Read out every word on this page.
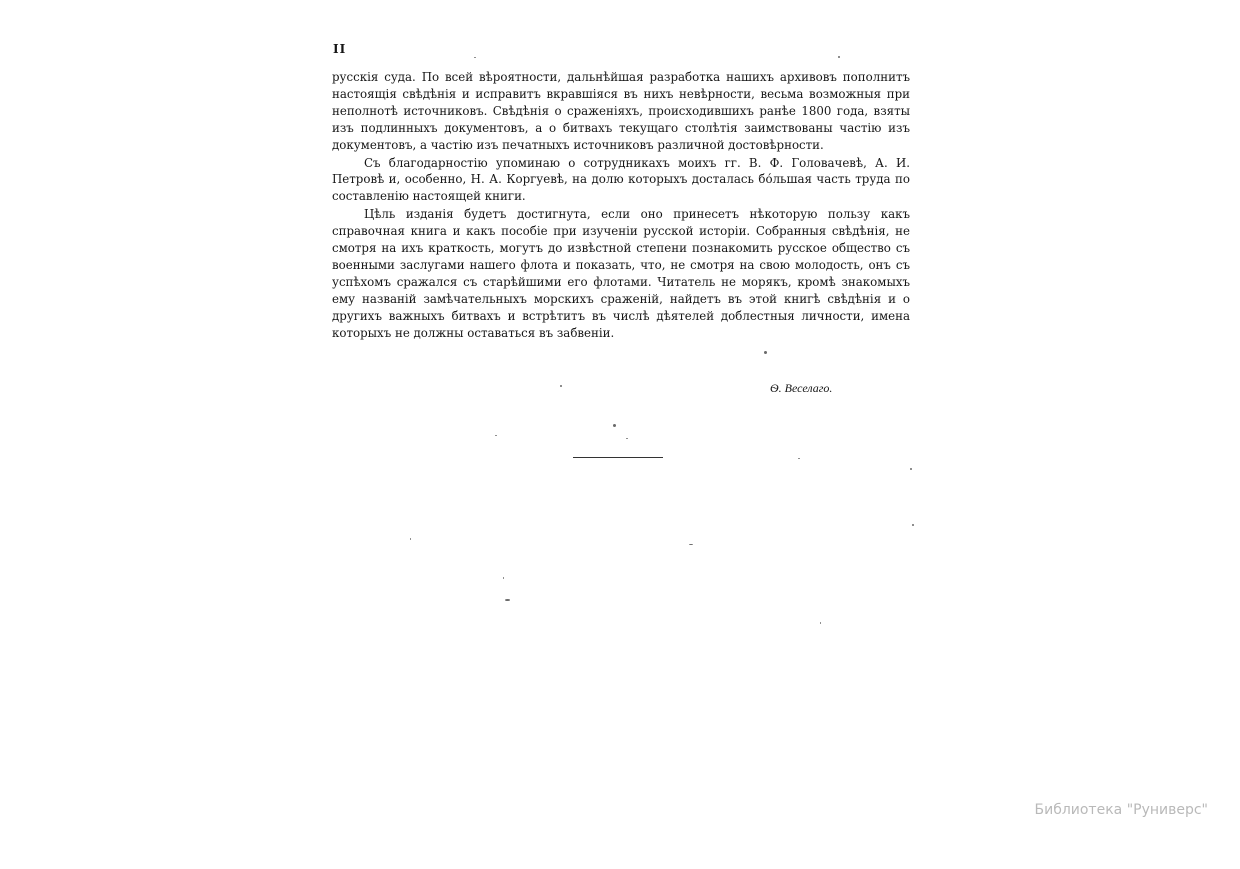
II

русскія суда. По всей вѣроятности, дальнѣйшая разработка нашихъ архивовъ пополнитъ настоящія свѣдѣнія и исправитъ вкравшіяся въ нихъ невѣрности, весьма возможныя при неполнотѣ источниковъ. Свѣдѣнія о сраженіяхъ, происходившихъ ранѣе 1800 года, взяты изъ подлинныхъ документовъ, а о битвахъ текущаго столѣтія заимствованы частію изъ документовъ, а частію изъ печатныхъ источниковъ различной достовѣрности.

Съ благодарностію упоминаю о сотрудникахъ моихъ гг. В. Ф. Головачевѣ, А. И. Петровѣ и, особенно, Н. А. Коргуевѣ, на долю которыхъ досталась бо́льшая часть труда по составленію настоящей книги.

Цѣль изданія будетъ достигнута, если оно принесетъ нѣкоторую пользу какъ справочная книга и какъ пособіе при изученіи русской исторіи. Собранныя свѣдѣнія, не смотря на ихъ краткость, могутъ до извѣстной степени познакомить русское общество съ военными заслугами нашего флота и показать, что, не смотря на свою молодость, онъ съ успѣхомъ сражался съ старѣйшими его флотами. Читатель не морякъ, кромѣ знакомыхъ ему названій замѣчательныхъ морскихъ сраженій, найдетъ въ этой книгѣ свѣдѣнія и о другихъ важныхъ битвахъ и встрѣтитъ въ числѣ дѣятелей доблестныя личности, имена которыхъ не должны оставаться въ забвеніи.

Ѳ. Веселаго.
Библиотека "Руниверс"
